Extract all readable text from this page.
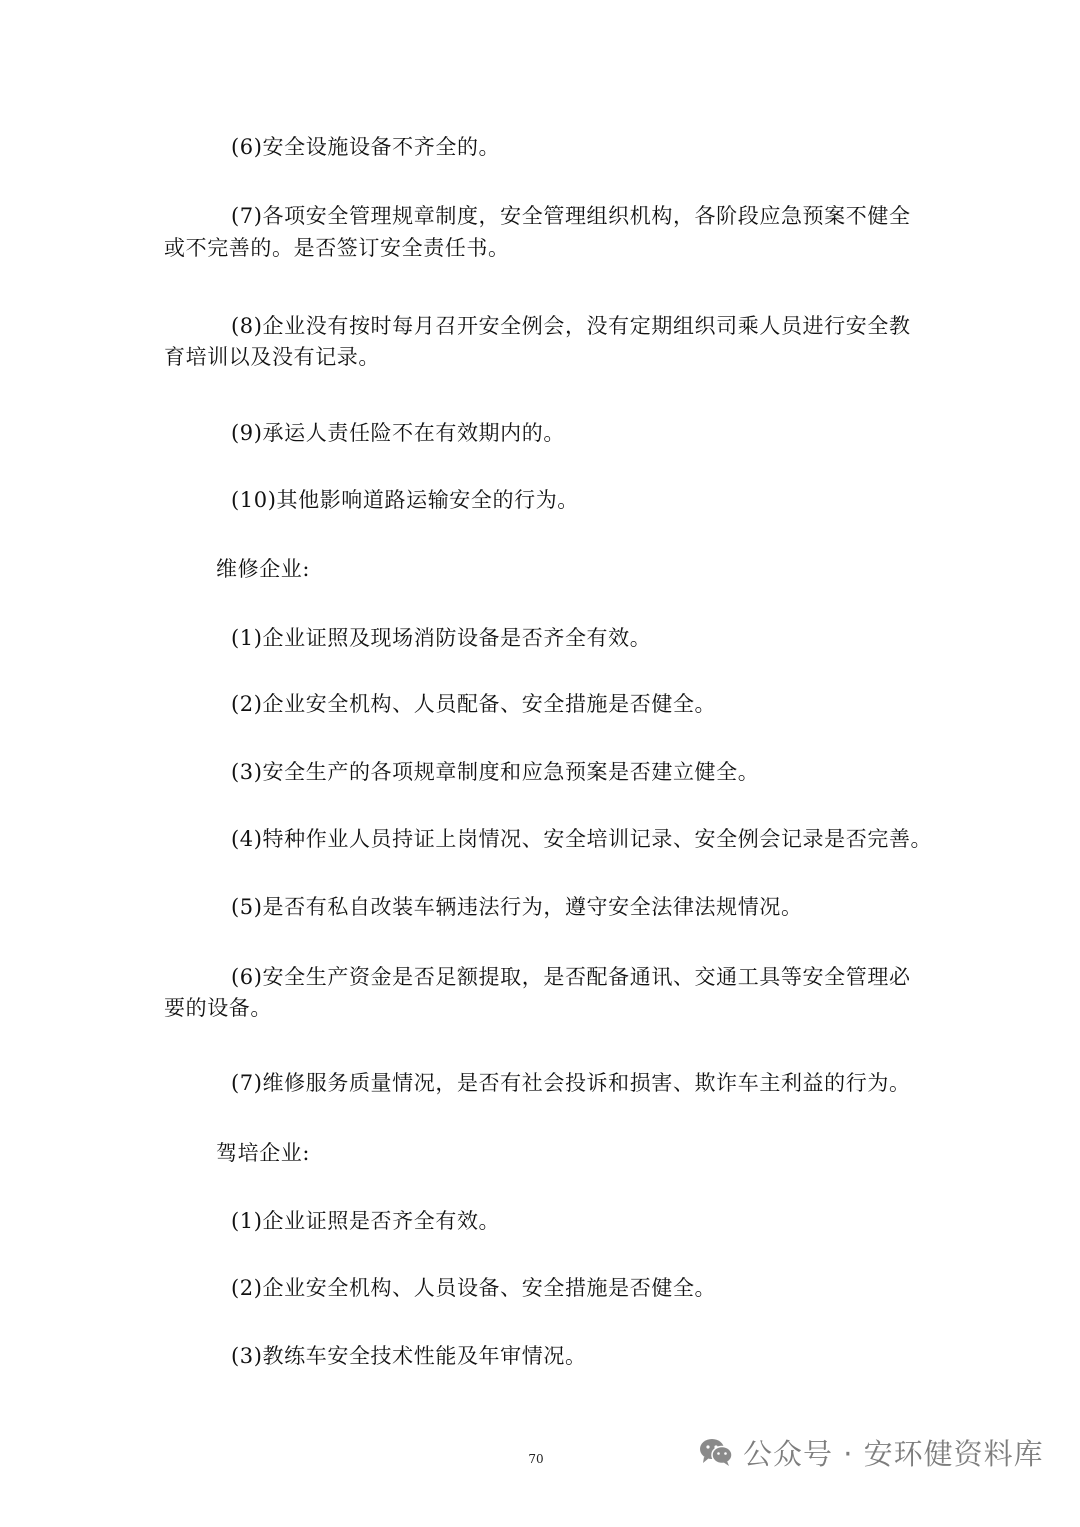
(6)安全设施设备不齐全的。
(7)各项安全管理规章制度，安全管理组织机构，各阶段应急预案不健全
或不完善的。是否签订安全责任书。
(8)企业没有按时每月召开安全例会，没有定期组织司乘人员进行安全教
育培训以及没有记录。
(9)承运人责任险不在有效期内的。
(10)其他影响道路运输安全的行为。
维修企业:
(1)企业证照及现场消防设备是否齐全有效。
(2)企业安全机构、人员配备、安全措施是否健全。
(3)安全生产的各项规章制度和应急预案是否建立健全。
(4)特种作业人员持证上岗情况、安全培训记录、安全例会记录是否完善。
(5)是否有私自改装车辆违法行为，遵守安全法律法规情况。
(6)安全生产资金是否足额提取，是否配备通讯、交通工具等安全管理必
要的设备。
(7)维修服务质量情况，是否有社会投诉和损害、欺诈车主利益的行为。
驾培企业:
(1)企业证照是否齐全有效。
(2)企业安全机构、人员设备、安全措施是否健全。
(3)教练车安全技术性能及年审情况。
70	公众号 · 安环健资料库
